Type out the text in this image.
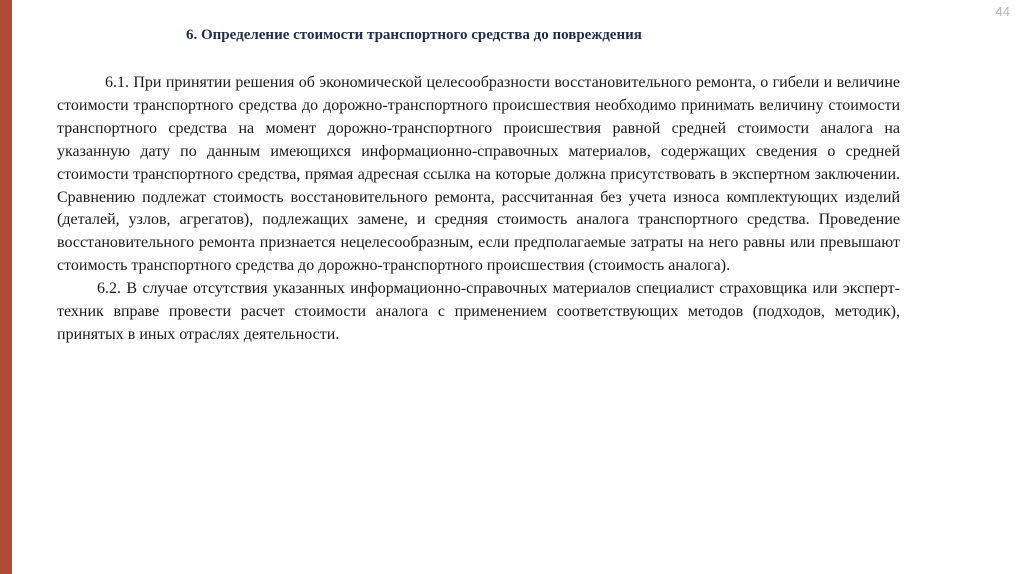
44
6. Определение стоимости транспортного средства до повреждения

6.1. При принятии решения об экономической целесообразности восстановительного ремонта, о гибели и величине стоимости транспортного средства до дорожно-транспортного происшествия необходимо принимать величину стоимости транспортного средства на момент дорожно-транспортного происшествия равной средней стоимости аналога на указанную дату по данным имеющихся информационно-справочных материалов, содержащих сведения о средней стоимости транспортного средства, прямая адресная ссылка на которые должна присутствовать в экспертном заключении. Сравнению подлежат стоимость восстановительного ремонта, рассчитанная без учета износа комплектующих изделий (деталей, узлов, агрегатов), подлежащих замене, и средняя стоимость аналога транспортного средства. Проведение восстановительного ремонта признается нецелесообразным, если предполагаемые затраты на него равны или превышают стоимость транспортного средства до дорожно-транспортного происшествия (стоимость аналога).

6.2. В случае отсутствия указанных информационно-справочных материалов специалист страховщика или эксперт-техник вправе провести расчет стоимости аналога с применением соответствующих методов (подходов, методик), принятых в иных отраслях деятельности.
